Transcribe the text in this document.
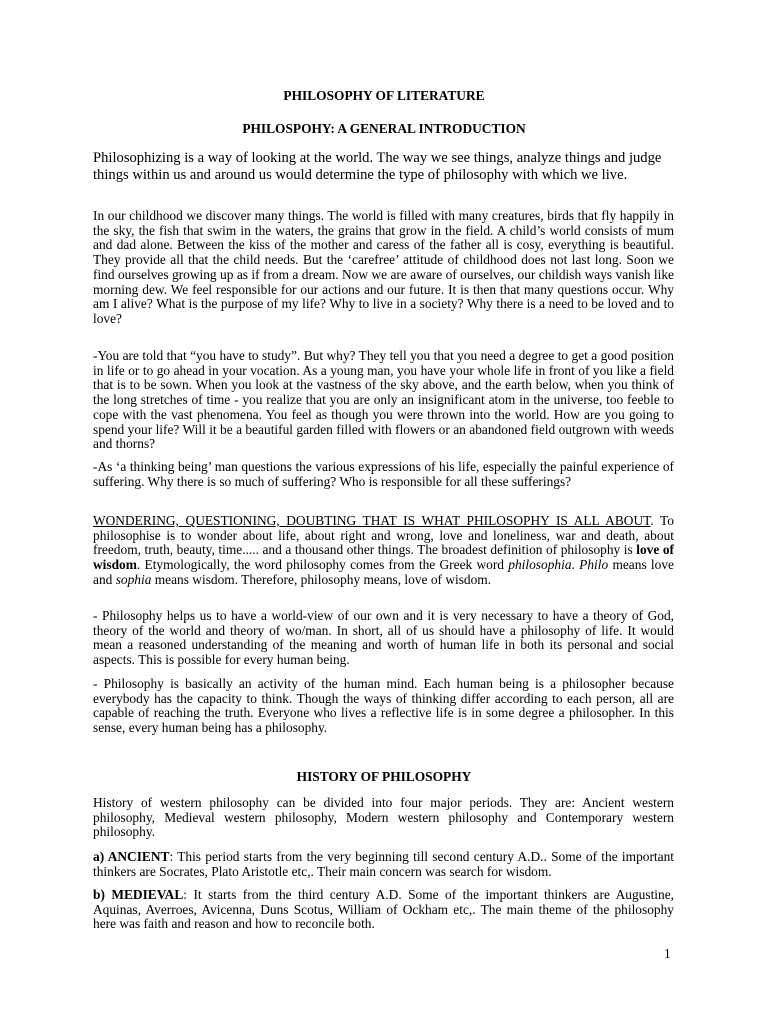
PHILOSOPHY OF LITERATURE
PHILOSPOHY: A GENERAL INTRODUCTION

Philosophizing is a way of looking at the world. The way we see things, analyze things and judge things within us and around us would determine the type of philosophy with which we live.

In our childhood we discover many things. The world is filled with many creatures, birds that fly happily in the sky, the fish that swim in the waters, the grains that grow in the field. A child’s world consists of mum and dad alone. Between the kiss of the mother and caress of the father all is cosy, everything is beautiful. They provide all that the child needs. But the ‘carefree’ attitude of childhood does not last long. Soon we find ourselves growing up as if from a dream. Now we are aware of ourselves, our childish ways vanish like morning dew. We feel responsible for our actions and our future. It is then that many questions occur. Why am I alive? What is the purpose of my life? Why to live in a society? Why there is a need to be loved and to love?

-You are told that “you have to study”. But why? They tell you that you need a degree to get a good position in life or to go ahead in your vocation. As a young man, you have your whole life in front of you like a field that is to be sown. When you look at the vastness of the sky above, and the earth below, when you think of the long stretches of time - you realize that you are only an insignificant atom in the universe, too feeble to cope with the vast phenomena. You feel as though you were thrown into the world. How are you going to spend your life? Will it be a beautiful garden filled with flowers or an abandoned field outgrown with weeds and thorns?

-As ‘a thinking being’ man questions the various expressions of his life, especially the painful experience of suffering. Why there is so much of suffering? Who is responsible for all these sufferings?

WONDERING, QUESTIONING, DOUBTING THAT IS WHAT PHILOSOPHY IS ALL ABOUT. To philosophise is to wonder about life, about right and wrong, love and loneliness, war and death, about freedom, truth, beauty, time..... and a thousand other things. The broadest definition of philosophy is love of wisdom. Etymologically, the word philosophy comes from the Greek word philosophia. Philo means love and sophia means wisdom. Therefore, philosophy means, love of wisdom.

- Philosophy helps us to have a world-view of our own and it is very necessary to have a theory of God, theory of the world and theory of wo/man. In short, all of us should have a philosophy of life. It would mean a reasoned understanding of the meaning and worth of human life in both its personal and social aspects. This is possible for every human being.

- Philosophy is basically an activity of the human mind. Each human being is a philosopher because everybody has the capacity to think. Though the ways of thinking differ according to each person, all are capable of reaching the truth. Everyone who lives a reflective life is in some degree a philosopher. In this sense, every human being has a philosophy.

HISTORY OF PHILOSOPHY

History of western philosophy can be divided into four major periods. They are: Ancient western philosophy, Medieval western philosophy, Modern western philosophy and Contemporary western philosophy.

a) ANCIENT: This period starts from the very beginning till second century A.D.. Some of the important thinkers are Socrates, Plato Aristotle etc,. Their main concern was search for wisdom.

b) MEDIEVAL: It starts from the third century A.D. Some of the important thinkers are Augustine, Aquinas, Averroes, Avicenna, Duns Scotus, William of Ockham etc,. The main theme of the philosophy here was faith and reason and how to reconcile both.

1
